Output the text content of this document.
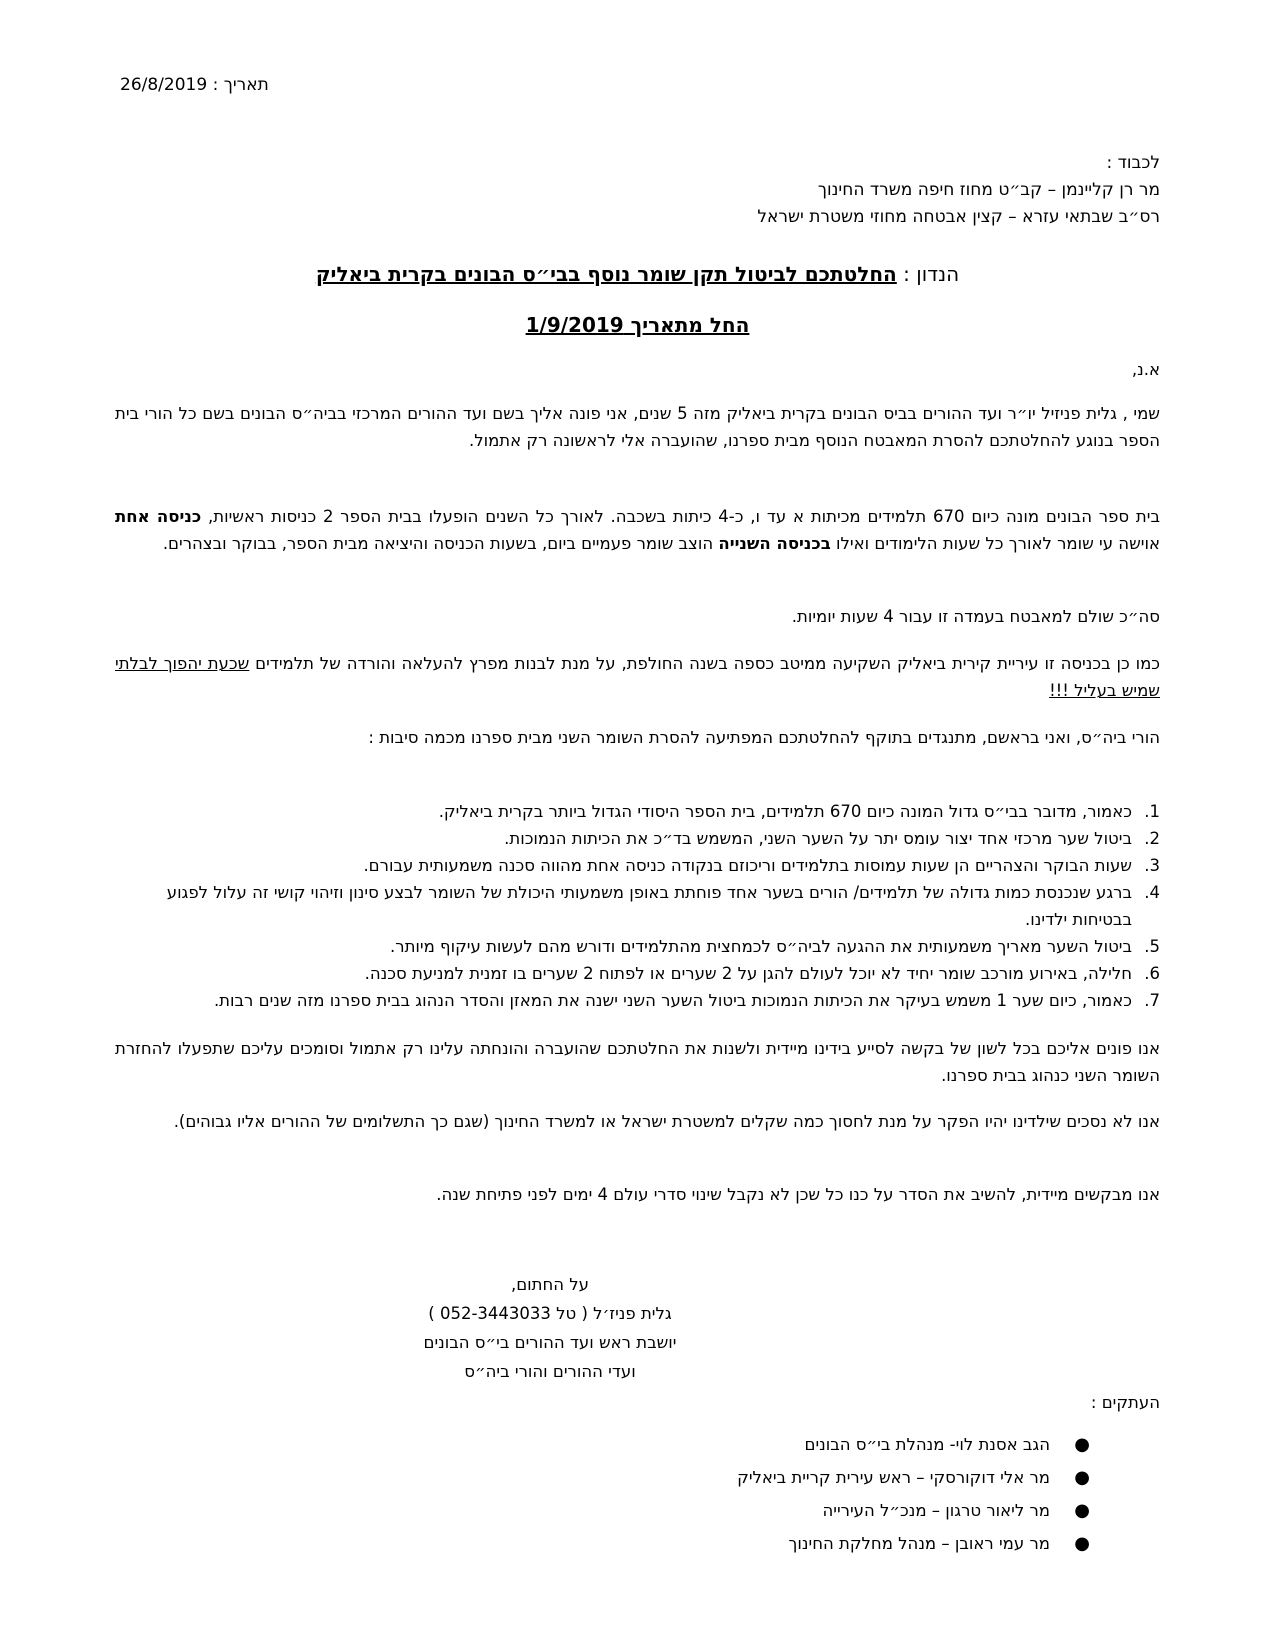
תאריך : 26/8/2019
לכבוד :
מר רן קליינמן – קב״ט מחוז חיפה משרד החינוך
רס״ב שבתאי עזרא – קצין אבטחה מחוזי משטרת ישראל
הנדון : החלטתכם לביטול תקן שומר נוסף בבי״ס הבונים בקרית ביאליק
החל מתאריך 1/9/2019
א.נ,
שמי , גלית פניזיל יו״ר ועד ההורים בביס הבונים בקרית ביאליק מזה 5 שנים, אני פונה אליך בשם ועד ההורים המרכזי בביה״ס הבונים בשם כל הורי בית הספר בנוגע להחלטתכם להסרת המאבטח הנוסף מבית ספרנו, שהועברה אלי לראשונה רק אתמול.
בית ספר הבונים מונה כיום 670 תלמידים מכיתות א עד ו, כ-4 כיתות בשכבה. לאורך כל השנים הופעלו בבית הספר 2 כניסות ראשיות, כניסה אחת אוישה עי שומר לאורך כל שעות הלימודים ואילו בכניסה השנייה הוצב שומר פעמיים ביום, בשעות הכניסה והיציאה מבית הספר, בבוקר ובצהרים.
סה״כ שולם למאבטח בעמדה זו עבור 4 שעות יומיות.
כמו כן בכניסה זו עיריית קירית ביאליק השקיעה ממיטב כספה בשנה החולפת, על מנת לבנות מפרץ להעלאה והורדה של תלמידים שכעת יהפוך לבלתי שמיש בעליל !!!
הורי ביה״ס, ואני בראשם, מתנגדים בתוקף להחלטתכם המפתיעה להסרת השומר השני מבית ספרנו מכמה סיבות :
1.
כאמור, מדובר בבי״ס גדול המונה כיום 670 תלמידים, בית הספר היסודי הגדול ביותר בקרית ביאליק.
2.
ביטול שער מרכזי אחד יצור עומס יתר על השער השני, המשמש בד״כ את הכיתות הנמוכות.
3.
שעות הבוקר והצהריים הן שעות עמוסות בתלמידים וריכוזם בנקודה כניסה אחת מהווה סכנה משמעותית עבורם.
4.
ברגע שנכנסת כמות גדולה של תלמידים/ הורים בשער אחד פוחתת באופן משמעותי היכולת של השומר לבצע סינון וזיהוי קושי זה עלול לפגוע בבטיחות ילדינו.
5.
ביטול השער מאריך משמעותית את ההגעה לביה״ס לכמחצית מהתלמידים ודורש מהם לעשות עיקוף מיותר.
6.
חלילה, באירוע מורכב שומר יחיד לא יוכל לעולם להגן על 2 שערים או לפתוח 2 שערים בו זמנית למניעת סכנה.
7.
כאמור, כיום שער 1 משמש בעיקר את הכיתות הנמוכות ביטול השער השני ישנה את המאזן והסדר הנהוג בבית ספרנו מזה שנים רבות.
אנו פונים אליכם בכל לשון של בקשה לסייע בידינו מיידית ולשנות את החלטתכם שהועברה והונחתה עלינו רק אתמול וסומכים עליכם שתפעלו להחזרת השומר השני כנהוג בבית ספרנו.
אנו לא נסכים שילדינו יהיו הפקר על מנת לחסוך כמה שקלים למשטרת ישראל או למשרד החינוך (שגם כך התשלומים של ההורים אליו גבוהים).
אנו מבקשים מיידית, להשיב את הסדר על כנו כל שכן לא נקבל שינוי סדרי עולם 4 ימים לפני פתיחת שנה.
על החתום,
גלית פניז׳ל ( טל 052-3443033 )
יושבת ראש ועד ההורים בי״ס הבונים
ועדי ההורים והורי ביה״ס
העתקים :
●
הגב אסנת לוי- מנהלת בי״ס הבונים
●
מר אלי דוקורסקי – ראש עירית קריית ביאליק
●
מר ליאור טרגון – מנכ״ל העירייה
●
מר עמי ראובן – מנהל מחלקת החינוך
